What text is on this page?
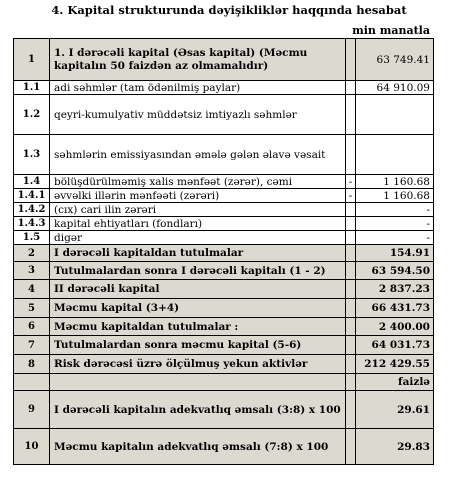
4. Kapital strukturunda dəyişikliklər haqqında hesabat
min manatla
1	1. I dərəcəli kapital (Əsas kapital) (Məcmu kapitalın 50 faizdən az olmamalıdır)		63 749.41
1.1	adi səhmlər (tam ödənilmiş paylar)		64 910.09
1.2	qeyri-kumulyativ müddətsiz imtiyazlı səhmlər		
1.3	səhmlərin emissiyasından əmələ gələn əlavə vəsait		
1.4	bölüşdürülməmiş xalis mənfəət (zərər), cəmi	-	1 160.68
1.4.1	əvvəlki illərin mənfəəti (zərəri)	-	1 160.68
1.4.2	(cıx) cari ilin zərəri		-
1.4.3	kapital ehtiyatları (fondları)		-
1.5	digər		-
2	I dərəcəli kapitaldan tutulmalar		154.91
3	Tutulmalardan sonra I dərəcəli kapitalı (1 - 2)		63 594.50
4	II dərəcəli kapital		2 837.23
5	Məcmu kapital (3+4)		66 431.73
6	Məcmu kapitaldan tutulmalar :		2 400.00
7	Tutulmalardan sonra məcmu kapital (5-6)		64 031.73
8	Risk dərəcəsi üzrə ölçülmuş yekun aktivlər		212 429.55
			faizlə
9	I dərəcəli kapitalın adekvatlıq əmsalı (3:8) x 100		29.61
10	Məcmu kapitalın adekvatlıq əmsalı (7:8) x 100		29.83
